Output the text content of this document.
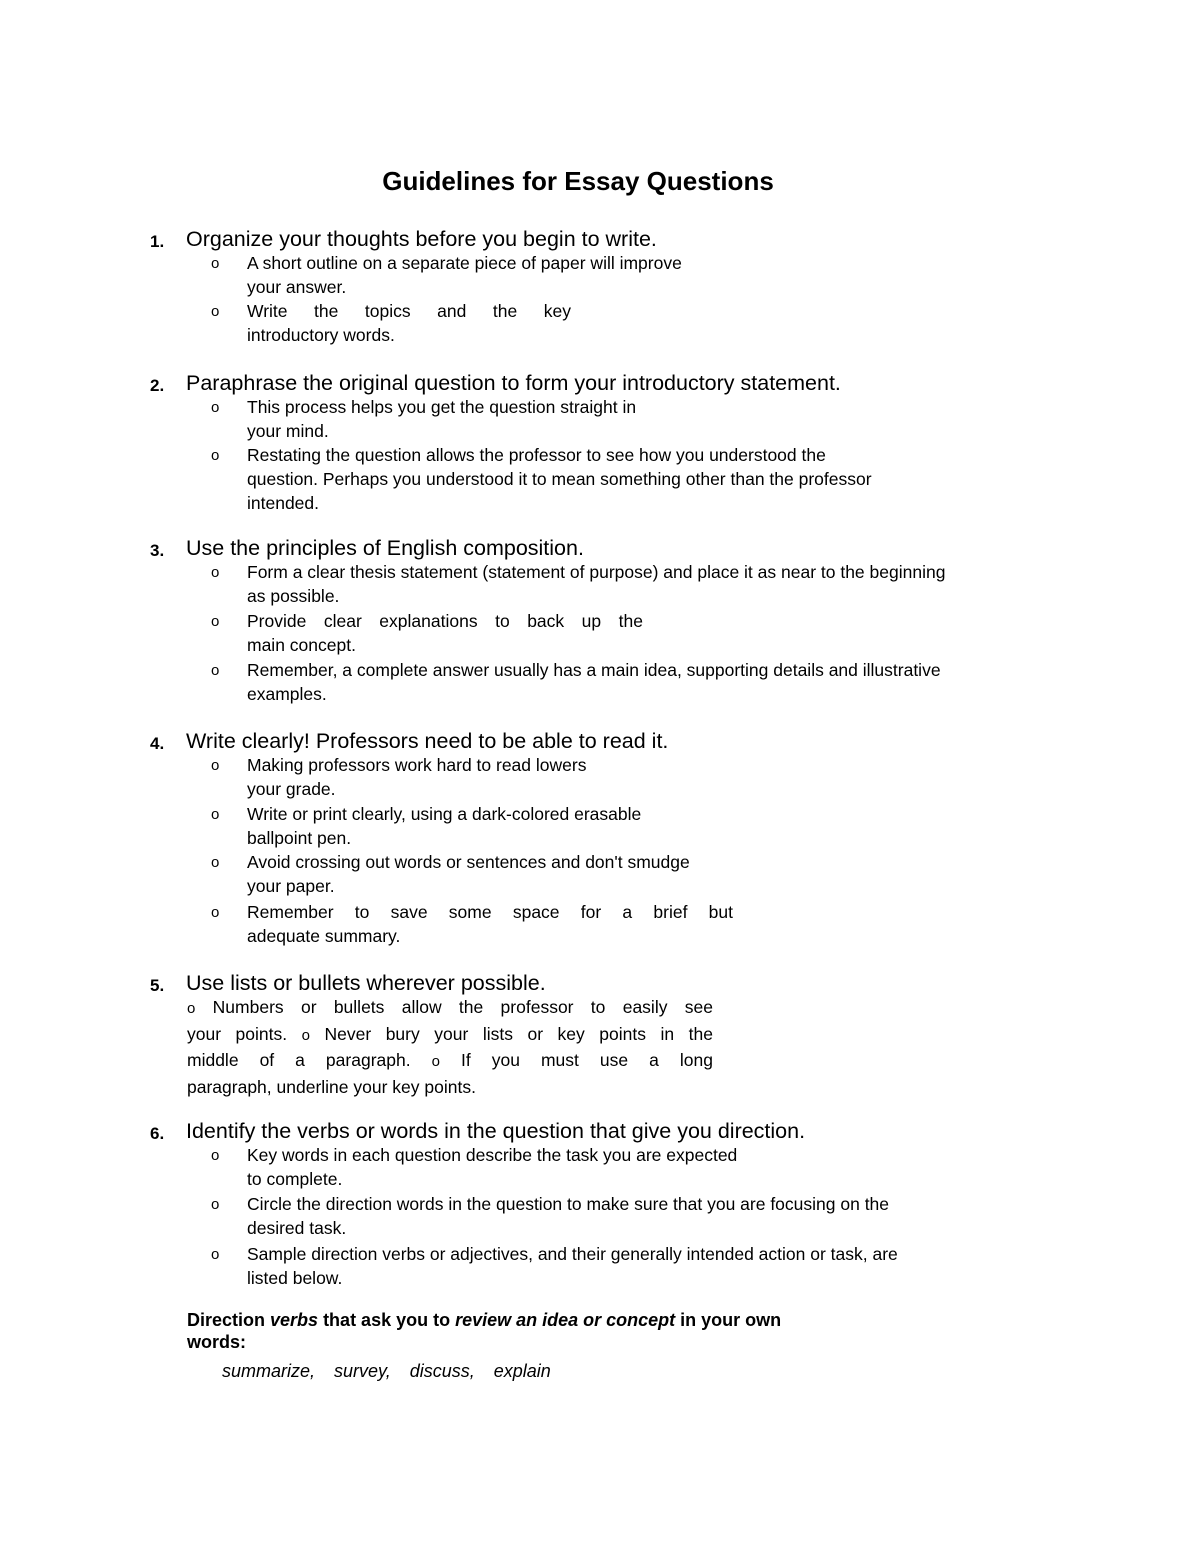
Guidelines for Essay Questions
1. Organize your thoughts before you begin to write.
o A short outline on a separate piece of paper will improve
your answer.
o Write the topics and the key
introductory words.
2. Paraphrase the original question to form your introductory statement.
o This process helps you get the question straight in
your mind.
o Restating the question allows the professor to see how you understood the
question. Perhaps you understood it to mean something other than the professor
intended.
3. Use the principles of English composition.
o Form a clear thesis statement (statement of purpose) and place it as near to the beginning
as possible.
o Provide clear explanations to back up the
main concept.
o Remember, a complete answer usually has a main idea, supporting details and illustrative
examples.
4. Write clearly! Professors need to be able to read it.
o Making professors work hard to read lowers
your grade.
o Write or print clearly, using a dark-colored erasable
ballpoint pen.
o Avoid crossing out words or sentences and don't smudge
your paper.
o Remember to save some space for a brief but
adequate summary.
5. Use lists or bullets wherever possible.
o Numbers or bullets allow the professor to easily see
your points. o Never bury your lists or key points in the
middle of a paragraph. o If you must use a long
paragraph, underline your key points.
6. Identify the verbs or words in the question that give you direction.
o Key words in each question describe the task you are expected
to complete.
o Circle the direction words in the question to make sure that you are focusing on the
desired task.
o Sample direction verbs or adjectives, and their generally intended action or task, are
listed below.
Direction verbs that ask you to review an idea or concept in your own
words:
summarize, survey, discuss, explain
